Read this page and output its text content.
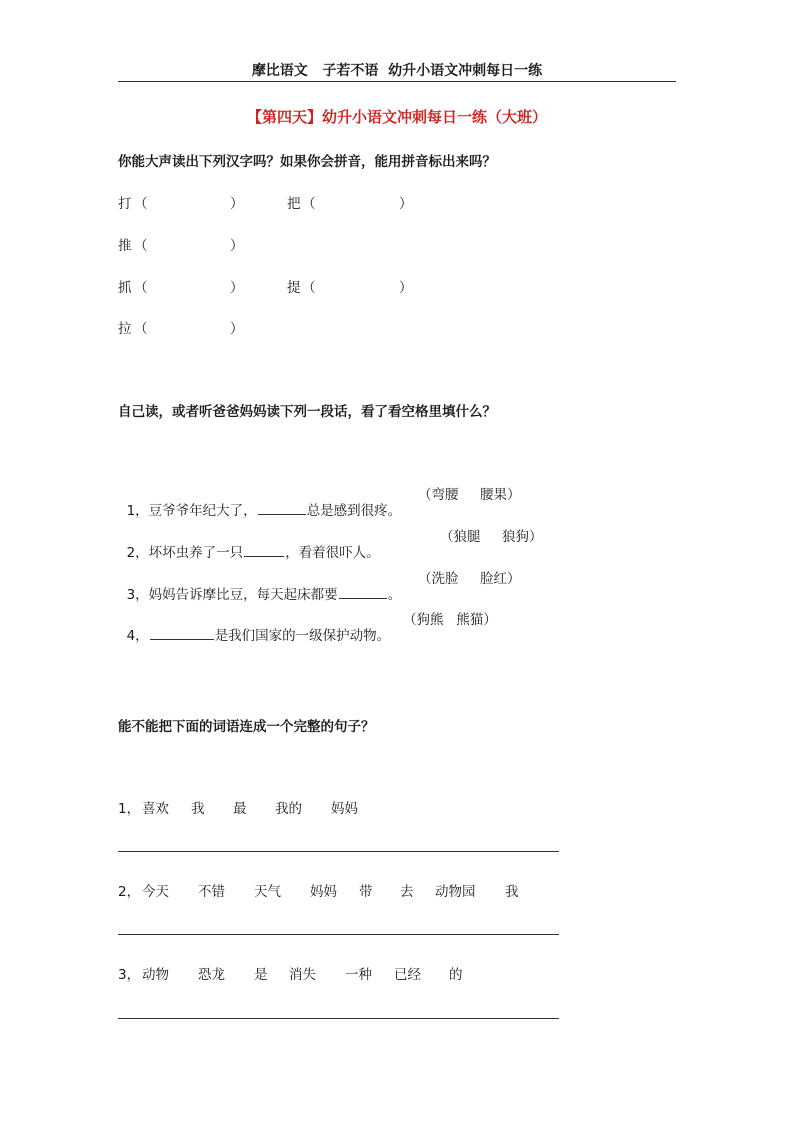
摩比语文   子若不语  幼升小语文冲刺每日一练
【第四天】幼升小语文冲刺每日一练（大班）
你能大声读出下列汉字吗？如果你会拼音，能用拼音标出来吗？
打 （	）	把 （	）
推 （	）
抓 （	）	提 （	）
拉 （	）
自己读，或者听爸爸妈妈读下列一段话，看了看空格里填什么？

1，豆爷爷年纪大了，	总是感到很疼。

（弯腰     腰果）

2，坏坏虫养了一只	，看着很吓人。

（狼腿     狼狗）

3，妈妈告诉摩比豆，每天起床都要	。

（洗脸     脸红）

4，	是我们国家的一级保护动物。

（狗熊   熊猫）
能不能把下面的词语连成一个完整的句子？
1， 喜欢 我 最 我的 妈妈
2， 今天 不错 天气 妈妈 带 去 动物园 我
3， 动物 恐龙 是 消失 一种 已经 的
